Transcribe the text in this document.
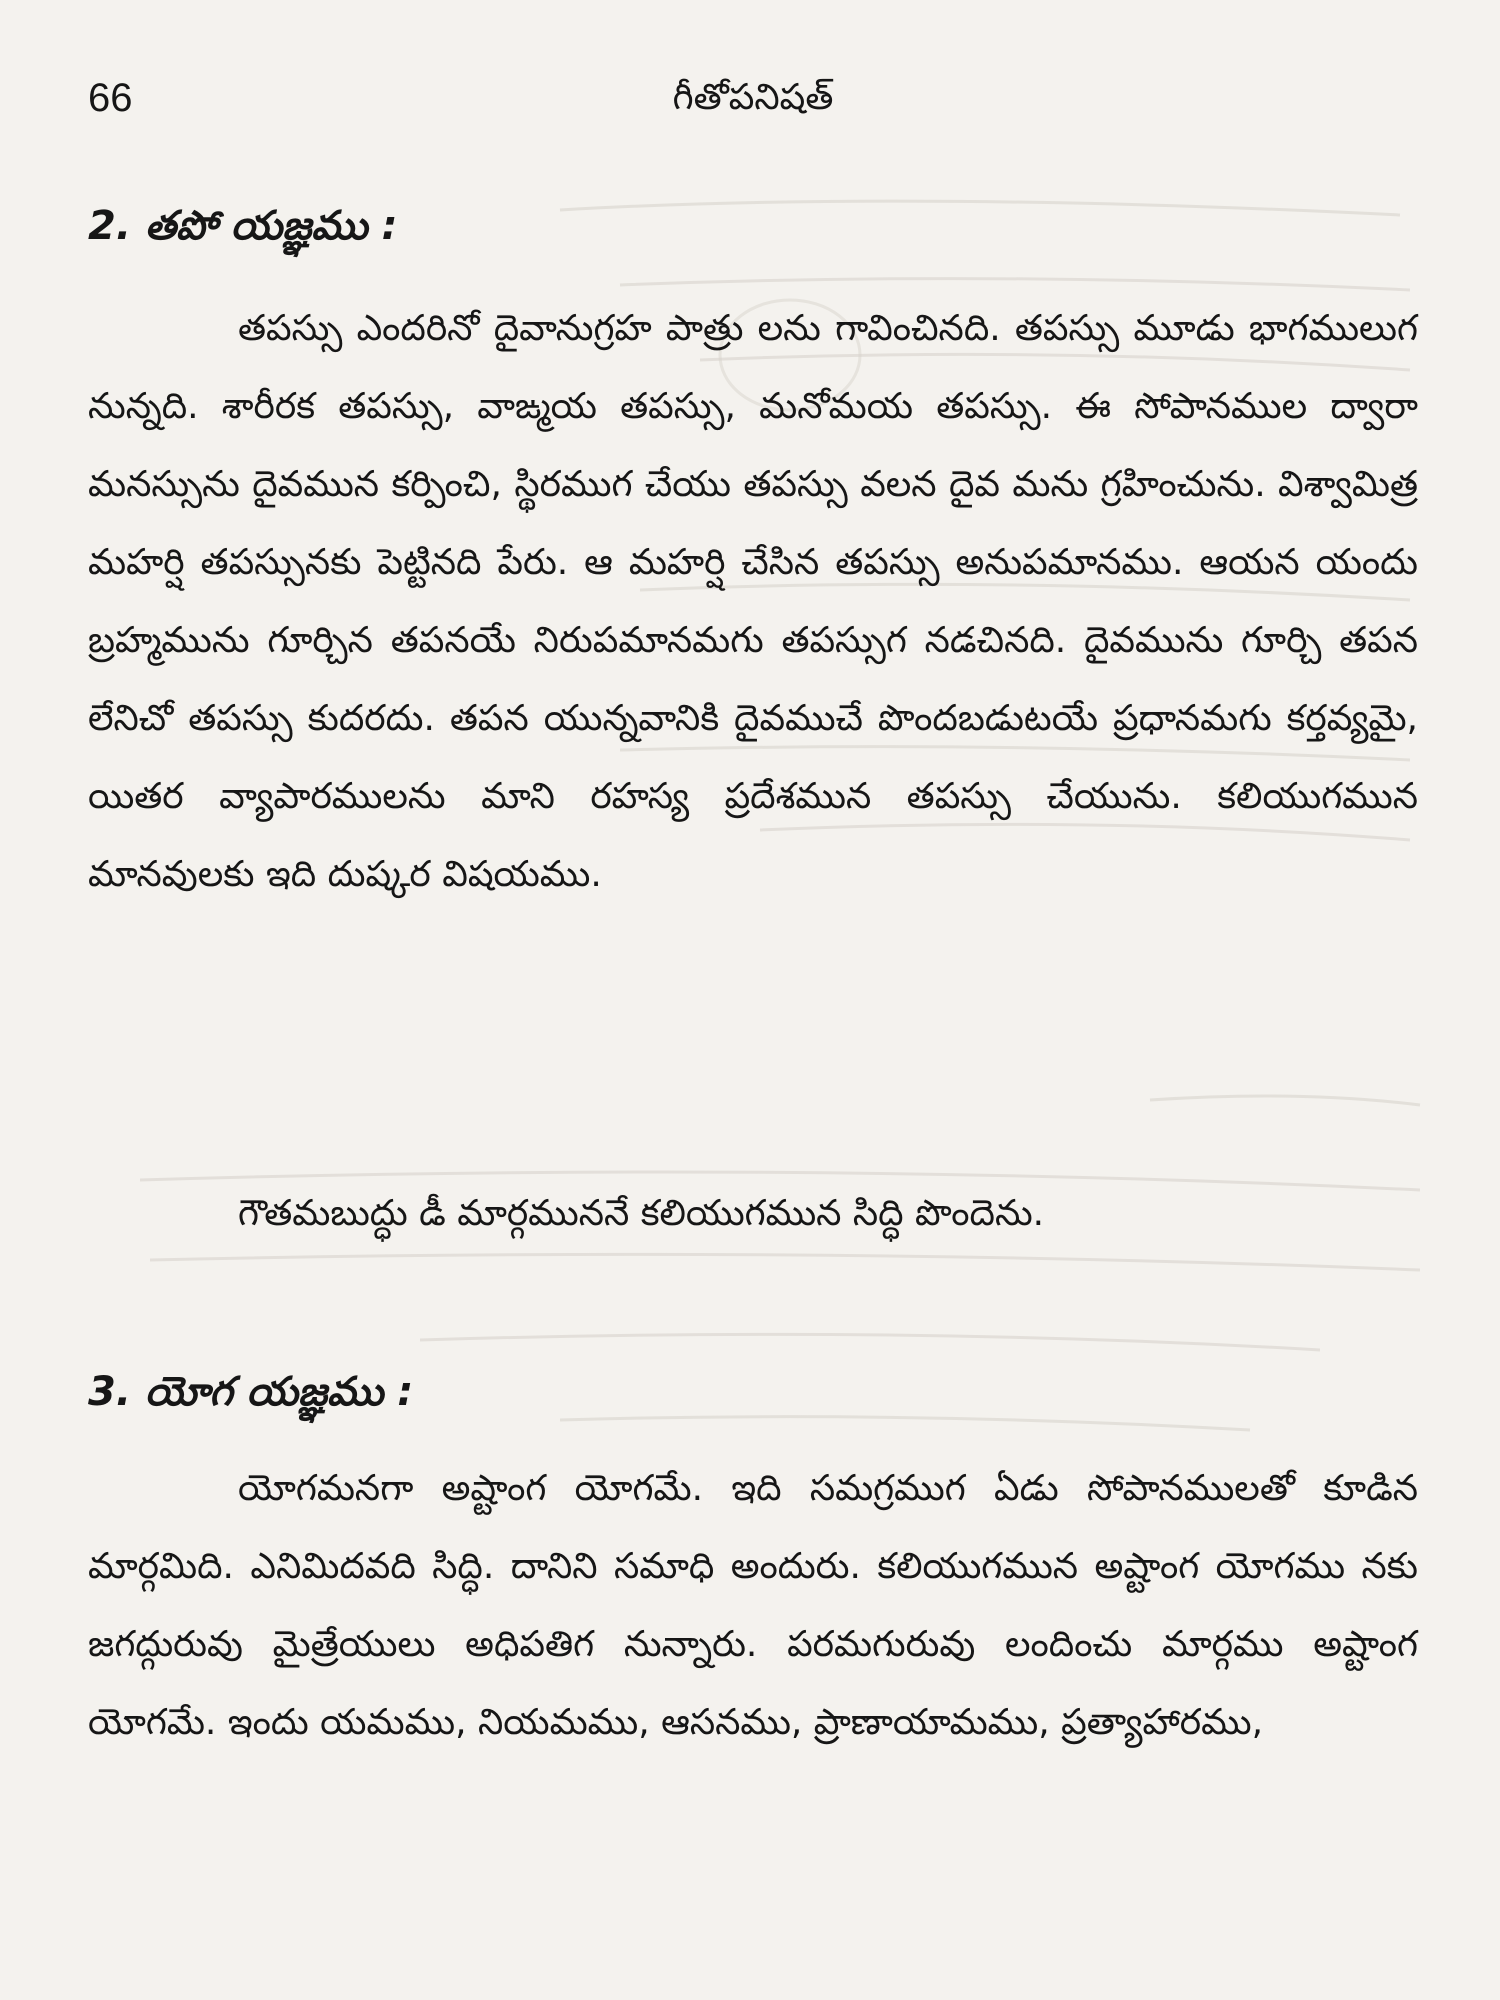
66	గీతోపనిషత్
2. తపో యజ్ఞము :

తపస్సు ఎందరినో దైవానుగ్రహ పాత్రు లను గావించినది. తపస్సు మూడు భాగములుగ నున్నది. శారీరక తపస్సు, వాఙ్మయ తపస్సు, మనోమయ తపస్సు. ఈ సోపానముల ద్వారా మనస్సును దైవమున కర్పించి, స్థిరముగ చేయు తపస్సు వలన దైవ మను గ్రహించును. విశ్వామిత్ర మహర్షి తపస్సునకు పెట్టినది పేరు. ఆ మహర్షి చేసిన తపస్సు అనుపమానము. ఆయన యందు బ్రహ్మమును గూర్చిన తపనయే నిరుపమానమగు తపస్సుగ నడచినది. దైవమును గూర్చి తపన లేనిచో తపస్సు కుదరదు. తపన యున్నవానికి దైవముచే పొందబడుటయే ప్రధానమగు కర్తవ్యమై, యితర వ్యాపారములను మాని రహస్య ప్రదేశమున తపస్సు చేయును. కలియుగమున మానవులకు ఇది దుష్కర విషయము.

గౌతమబుద్ధు డీ మార్గముననే కలియుగమున సిద్ధి పొందెను.

3. యోగ యజ్ఞము :

యోగమనగా అష్టాంగ యోగమే. ఇది సమగ్రముగ ఏడు సోపానములతో కూడిన మార్గమిది. ఎనిమిదవది సిద్ధి. దానిని సమాధి అందురు. కలియుగమున అష్టాంగ యోగము నకు జగద్గురువు మైత్రేయులు అధిపతిగ నున్నారు. పరమగురువు లందించు మార్గము అష్టాంగ యోగమే. ఇందు యమము, నియమము, ఆసనము, ప్రాణాయామము, ప్రత్యాహారము,
